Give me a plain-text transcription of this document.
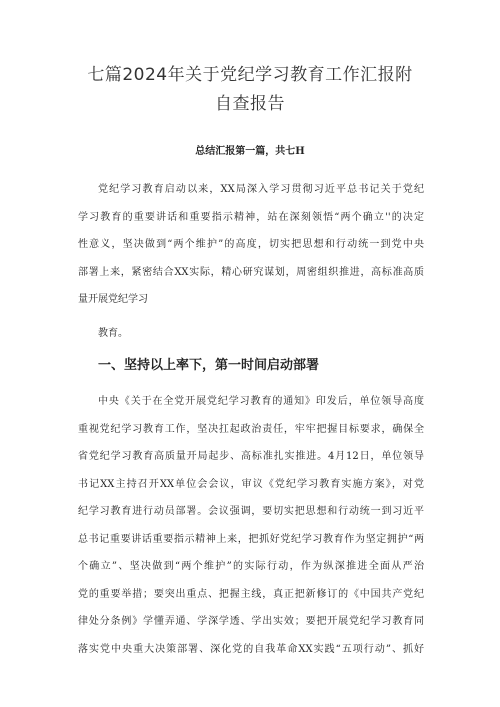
七篇2024年关于党纪学习教育工作汇报附
自查报告
总结汇报第一篇，共七H
党纪学习教育启动以来，XX局深入学习贯彻习近平总书记关于党纪
学习教育的重要讲话和重要指示精神，站在深刻领悟“两个确立''的决定
性意义，坚决做到“两个维护”的高度，切实把思想和行动统一到党中央
部署上来，紧密结合XX实际，精心研究谋划，周密组织推进，高标准高质
量开展党纪学习
教育。
一、坚持以上率下，第一时间启动部署
中央《关于在全党开展党纪学习教育的通知》印发后，单位领导高度
重视党纪学习教育工作，坚决扛起政治责任，牢牢把握目标要求，确保全
省党纪学习教育高质量开局起步、高标准扎实推进。4月12日，单位领导
书记XX主持召开XX单位会会议，审议《党纪学习教育实施方案》，对党
纪学习教育进行动员部署。会议强调，要切实把思想和行动统一到习近平
总书记重要讲话重要指示精神上来，把抓好党纪学习教育作为坚定拥护“两
个确立”、坚决做到“两个维护”的实际行动，作为纵深推进全面从严治
党的重要举措；要突出重点、把握主线，真正把新修订的《中国共产党纪
律处分条例》学懂弄通、学深学透、学出实效；要把开展党纪学习教育同
落实党中央重大决策部署、深化党的自我革命XX实践“五项行动”、抓好
